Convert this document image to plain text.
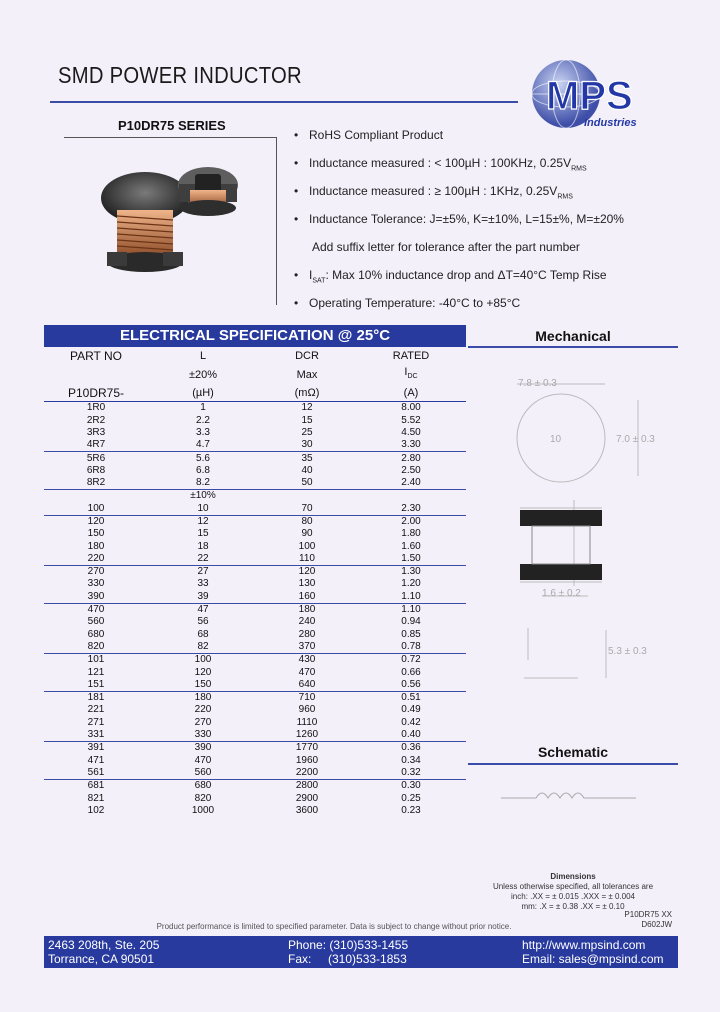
SMD POWER INDUCTOR	MPS
Industries
P10DR75 SERIES
• RoHS Compliant Product
• Inductance measured : < 100µH : 100KHz, $0.25V_{RMS}$
• Inductance measured : ≥ 100µH : 1KHz, $0.25V_{RMS}$
• Inductance Tolerance: J=±5%, K=±10%, L=15±%, M=±20%
Add suffix letter for tolerance after the part number
• $I_{SAT}$: Max 10% inductance drop and ΔT=40°C Temp Rise
• Operating Temperature: -40°C to +85°C
ELECTRICAL SPECIFICATION @ 25°C
PART NO	L	DCR	RATED
	±20%	Max	$I_{DC}$
P10DR75-	(µH)	(mΩ)	(A)
1R0	1	12	8.00
2R2	2.2	15	5.52
3R3	3.3	25	4.50
4R7	4.7	30	3.30
5R6	5.6	35	2.80
6R8	6.8	40	2.50
8R2	8.2	50	2.40
	±10%		
100	10	70	2.30
120	12	80	2.00
150	15	90	1.80
180	18	100	1.60
220	22	110	1.50
270	27	120	1.30
330	33	130	1.20
390	39	160	1.10
470	47	180	1.10
560	56	240	0.94
680	68	280	0.85
820	82	370	0.78
101	100	430	0.72
121	120	470	0.66
151	150	640	0.56
181	180	710	0.51
221	220	960	0.49
271	270	1110	0.42
331	330	1260	0.40
391	390	1770	0.36
471	470	1960	0.34
561	560	2200	0.32
681	680	2800	0.30
821	820	2900	0.25
102	1000	3600	0.23
Mechanical
7.8 ± 0.3
7.0 ± 0.3
10
1.6 ± 0.2
5.3 ± 0.3
Schematic
Dimensions
Unless otherwise specified, all tolerances are
inch: .XX = ± 0.015 .XXX = ± 0.004
mm: .X = ± 0.38 .XX = ± 0.10
P10DR75 XX
D602JW
Product performance is limited to specified parameter. Data is subject to change without prior notice.
2463 208th, Ste. 205
Torrance, CA 90501
Phone: (310)533-1455
Fax: (310)533-1853
http://www.mpsind.com
Email: sales@mpsind.com
